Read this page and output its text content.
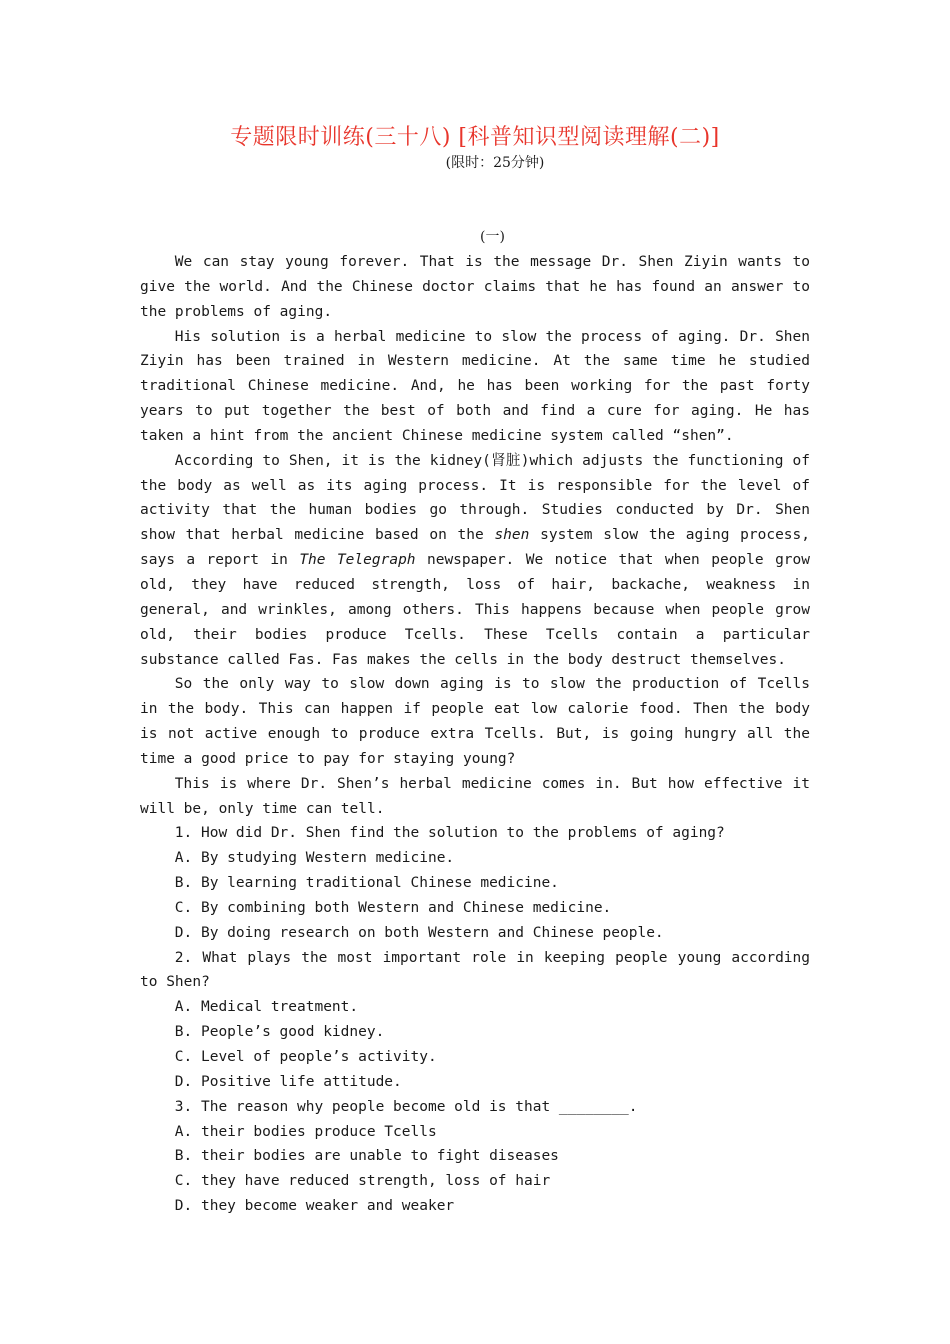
专题限时训练(三十八) [科普知识型阅读理解(二)]
(限时：25分钟)
(一)

We can stay young forever. That is the message Dr. Shen Ziyin wants to give the world. And the Chinese doctor claims that he has found an answer to the problems of aging.

His solution is a herbal medicine to slow the process of aging. Dr. Shen Ziyin has been trained in Western medicine. At the same time he studied traditional Chinese medicine. And, he has been working for the past forty years to put together the best of both and find a cure for aging. He has taken a hint from the ancient Chinese medicine system called “shen”.

According to Shen, it is the kidney(肾脏)which adjusts the functioning of the body as well as its aging process. It is responsible for the level of activity that the human bodies go through. Studies conducted by Dr. Shen show that herbal medicine based on the shen system slow the aging process, says a report in The Telegraph newspaper. We notice that when people grow old, they have reduced strength, loss of hair, backache, weakness in general, and wrinkles, among others. This happens because when people grow old, their bodies produce Tcells. These Tcells contain a particular substance called Fas. Fas makes the cells in the body destruct themselves.

So the only way to slow down aging is to slow the production of Tcells in the body. This can happen if people eat low calorie food. Then the body is not active enough to produce extra Tcells. But, is going hungry all the time a good price to pay for staying young?

This is where Dr. Shen’s herbal medicine comes in. But how effective it will be, only time can tell.

1. How did Dr. Shen find the solution to the problems of aging?

A. By studying Western medicine.

B. By learning traditional Chinese medicine.

C. By combining both Western and Chinese medicine.

D. By doing research on both Western and Chinese people.

2. What plays the most important role in keeping people young according to Shen?

A. Medical treatment.

B. People’s good kidney.

C. Level of people’s activity.

D. Positive life attitude.

3. The reason why people become old is that ________.

A. their bodies produce Tcells

B. their bodies are unable to fight diseases

C. they have reduced strength, loss of hair

D. they become weaker and weaker
